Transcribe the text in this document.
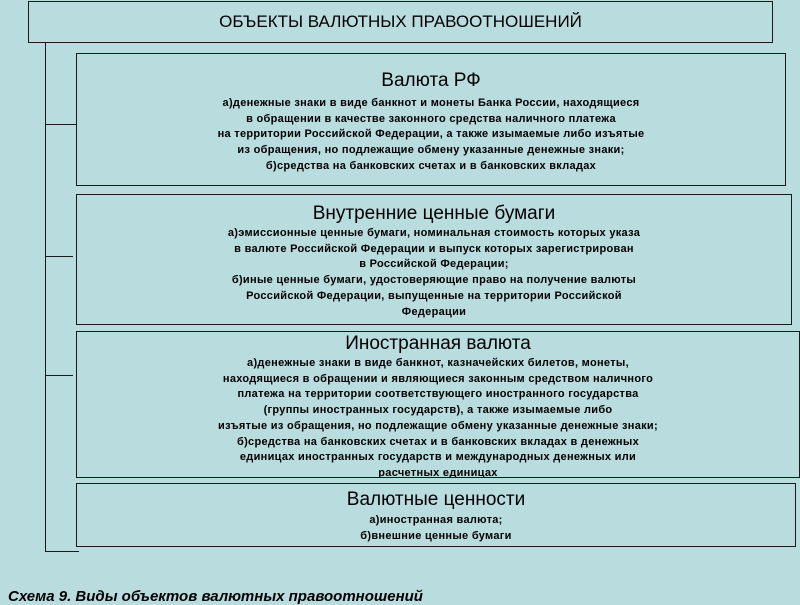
ОБЪЕКТЫ ВАЛЮТНЫХ ПРАВООТНОШЕНИЙ
Валюта РФ
а)денежные знаки в виде банкнот и монеты Банка России, находящиеся
в обращении в качестве законного средства наличного платежа
на территории Российской Федерации, а также изымаемые либо изъятые
из обращения, но подлежащие обмену указанные денежные знаки;
б)средства на банковских счетах и в банковских вкладах
Внутренние ценные бумаги
а)эмиссионные ценные бумаги, номинальная стоимость которых указа
в валюте Российской Федерации и выпуск которых зарегистрирован
в Российской Федерации;
б)иные ценные бумаги, удостоверяющие право на получение валюты
Российской Федерации, выпущенные на территории Российской
Федерации
Иностранная валюта
а)денежные знаки в виде банкнот, казначейских билетов, монеты,
находящиеся в обращении и являющиеся законным средством наличного
платежа на территории соответствующего иностранного государства
(группы иностранных государств), а также изымаемые либо
изъятые из обращения, но подлежащие обмену указанные денежные знаки;
б)средства на банковских счетах и в банковских вкладах в денежных
единицах иностранных государств и международных денежных или
расчетных единицах
Валютные ценности
а)иностранная валюта;
б)внешние ценные бумаги
Схема 9. Виды объектов валютных правоотношений
